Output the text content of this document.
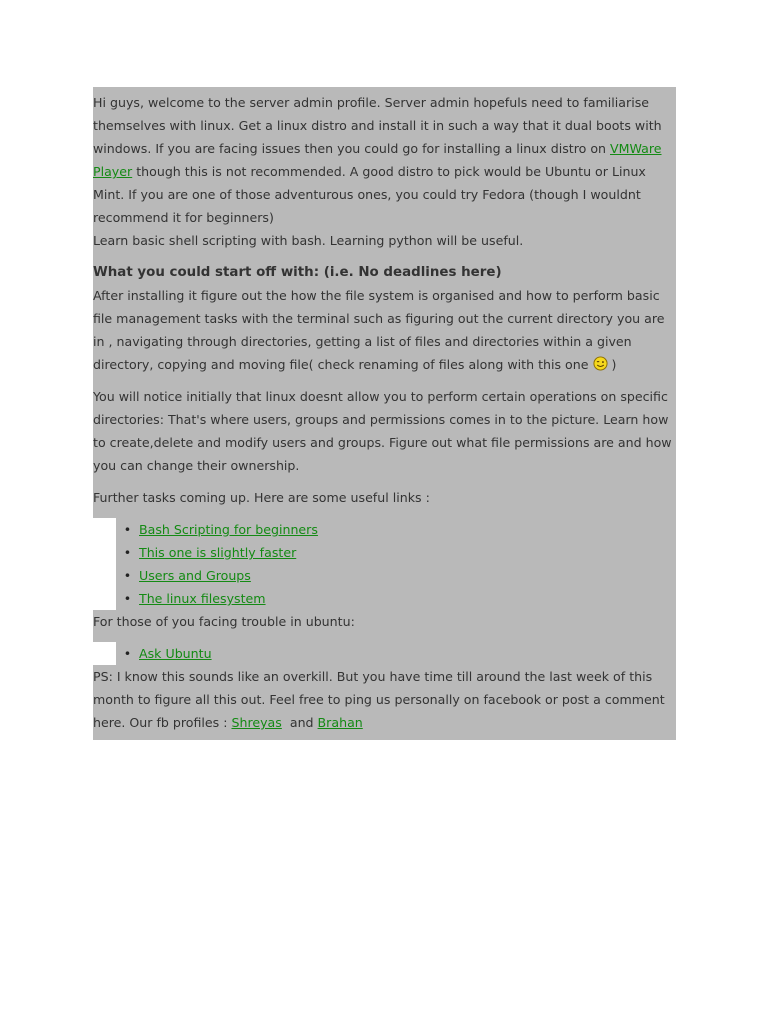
Hi guys, welcome to the server admin profile. Server admin hopefuls need to familiarise themselves with linux. Get a linux distro and install it in such a way that it dual boots with windows. If you are facing issues then you could go for installing a linux distro on VMWare Player though this is not recommended. A good distro to pick would be Ubuntu or Linux Mint. If you are one of those adventurous ones, you could try Fedora (though I wouldnt recommend it for beginners)

Learn basic shell scripting with bash. Learning python will be useful.

What you could start off with: (i.e. No deadlines here)

After installing it figure out the how the file system is organised and how to perform basic file management tasks with the terminal such as figuring out the current directory you are in , navigating through directories, getting a list of files and directories within a given directory, copying and moving file( check renaming of files along with this one  )

You will notice initially that linux doesnt allow you to perform certain operations on specific directories: That's where users, groups and permissions comes in to the picture. Learn how to create,delete and modify users and groups. Figure out what file permissions are and how you can change their ownership.

Further tasks coming up. Here are some useful links :

• Bash Scripting for beginners
• This one is slightly faster
• Users and Groups
• The linux filesystem

For those of you facing trouble in ubuntu:

• Ask Ubuntu

PS: I know this sounds like an overkill. But you have time till around the last week of this month to figure all this out. Feel free to ping us personally on facebook or post a comment here. Our fb profiles : Shreyas  and Brahan
